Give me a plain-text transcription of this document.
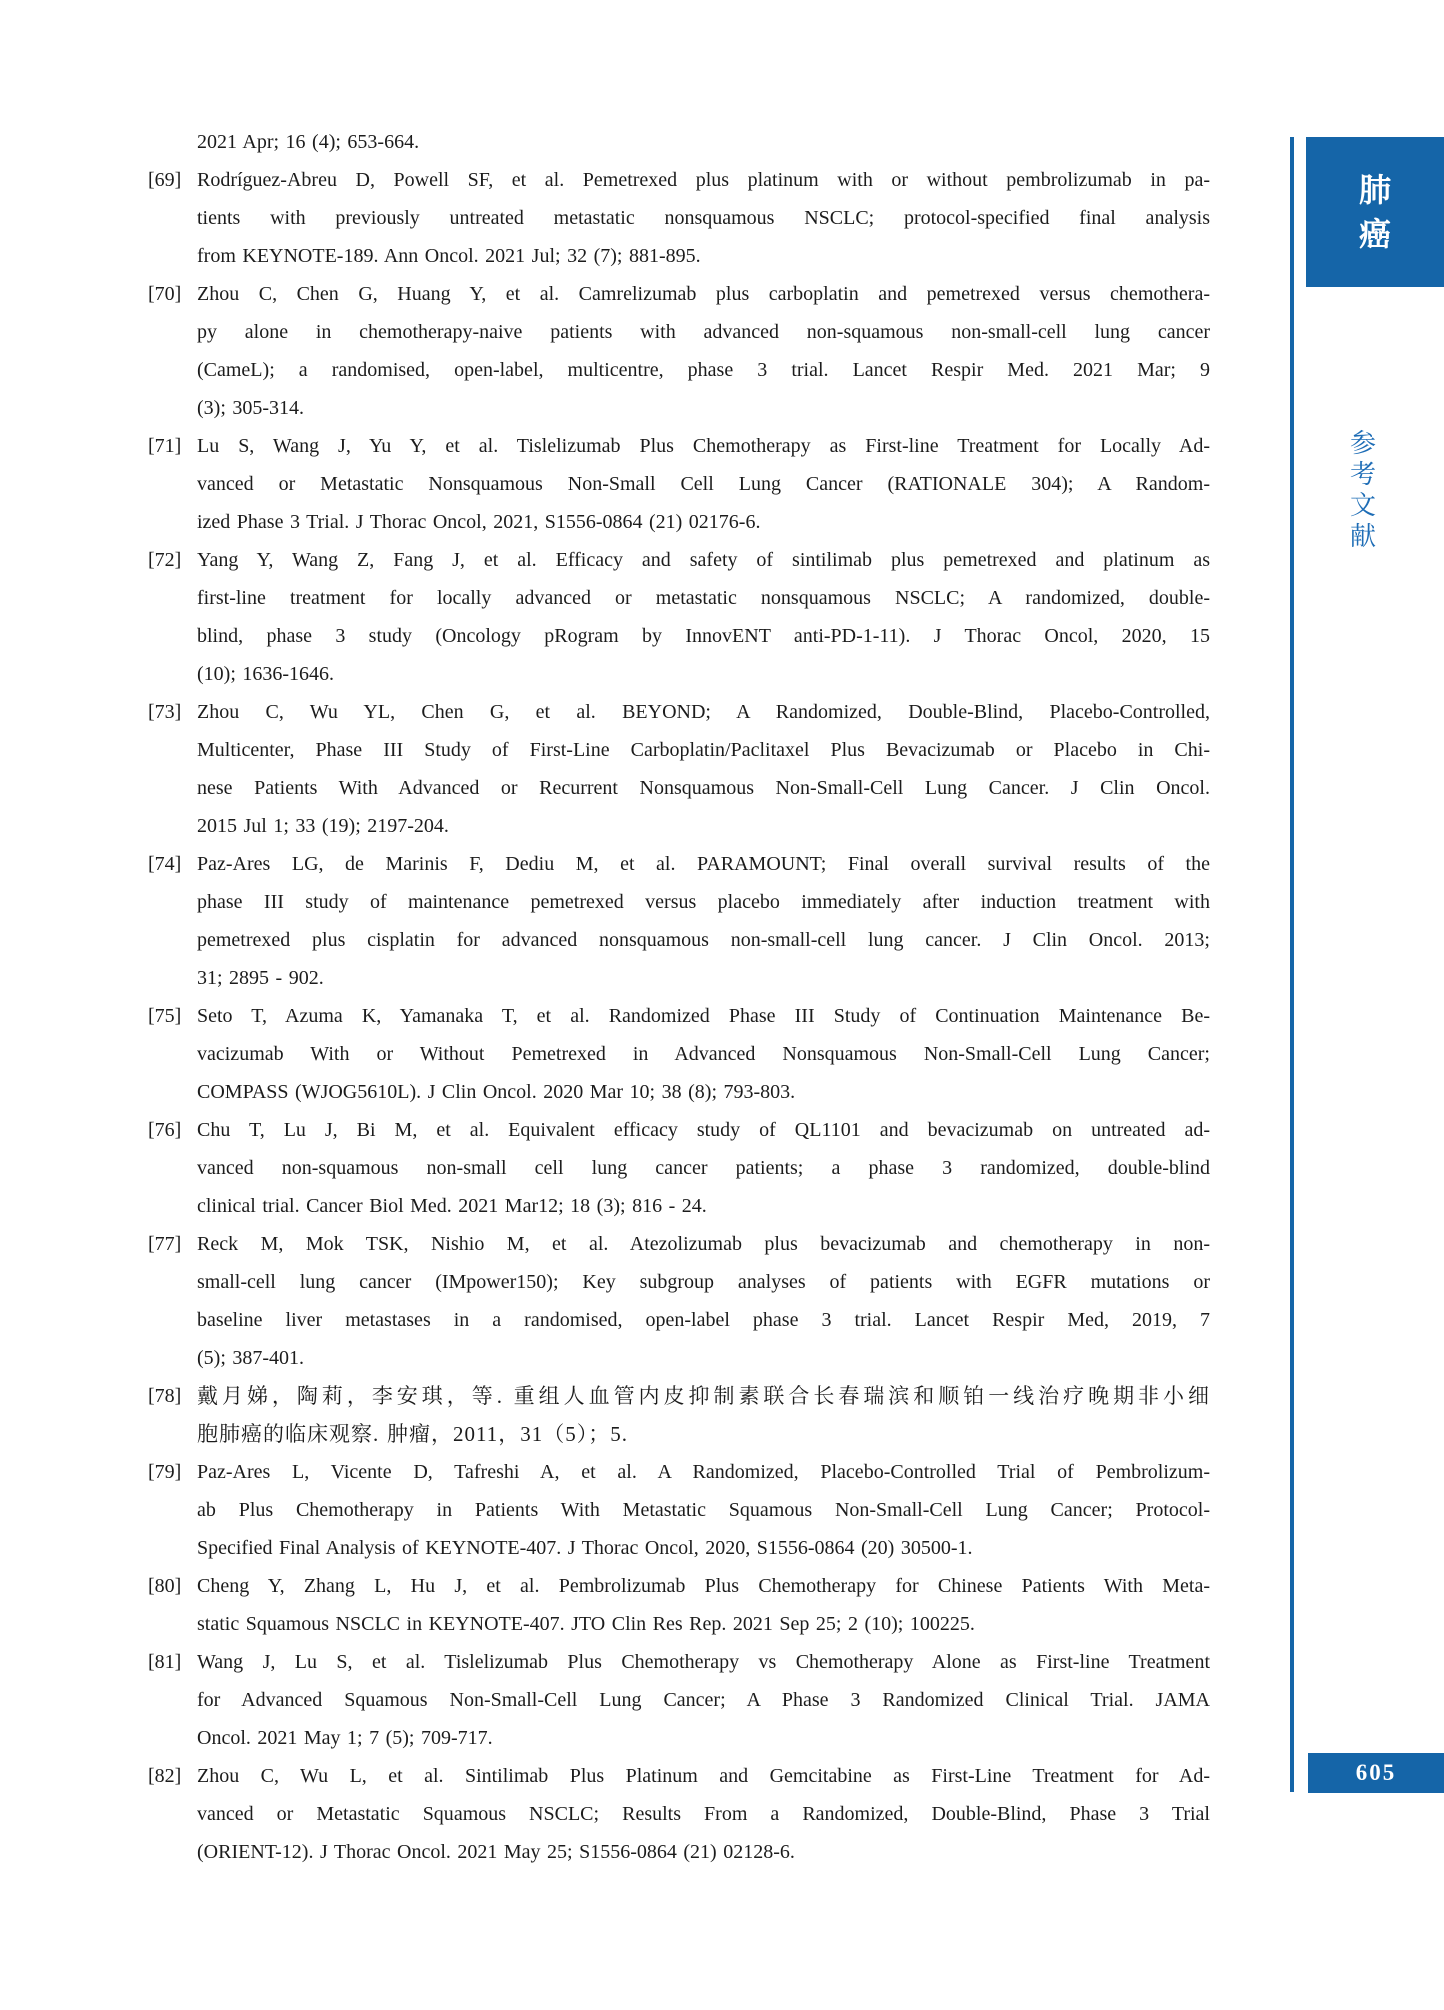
2021 Apr; 16 (4); 653-664.
[69] Rodríguez-Abreu D, Powell SF, et al. Pemetrexed plus platinum with or without pembrolizumab in pa-
tients with previously untreated metastatic nonsquamous NSCLC; protocol-specified final analysis
from KEYNOTE-189. Ann Oncol. 2021 Jul; 32 (7); 881-895.
[70] Zhou C, Chen G, Huang Y, et al. Camrelizumab plus carboplatin and pemetrexed versus chemothera-
py alone in chemotherapy-naive patients with advanced non-squamous non-small-cell lung cancer
(CameL); a randomised, open-label, multicentre, phase 3 trial. Lancet Respir Med. 2021 Mar; 9
(3); 305-314.
[71] Lu S, Wang J, Yu Y, et al. Tislelizumab Plus Chemotherapy as First-line Treatment for Locally Ad-
vanced or Metastatic Nonsquamous Non-Small Cell Lung Cancer (RATIONALE 304); A Random-
ized Phase 3 Trial. J Thorac Oncol, 2021, S1556-0864 (21) 02176-6.
[72] Yang Y, Wang Z, Fang J, et al. Efficacy and safety of sintilimab plus pemetrexed and platinum as
first-line treatment for locally advanced or metastatic nonsquamous NSCLC; A randomized, double-
blind, phase 3 study (Oncology pRogram by InnovENT anti-PD-1-11). J Thorac Oncol, 2020, 15
(10); 1636-1646.
[73] Zhou C, Wu YL, Chen G, et al. BEYOND; A Randomized, Double-Blind, Placebo-Controlled,
Multicenter, Phase III Study of First-Line Carboplatin/Paclitaxel Plus Bevacizumab or Placebo in Chi-
nese Patients With Advanced or Recurrent Nonsquamous Non-Small-Cell Lung Cancer. J Clin Oncol.
2015 Jul 1; 33 (19); 2197-204.
[74] Paz-Ares LG, de Marinis F, Dediu M, et al. PARAMOUNT; Final overall survival results of the
phase III study of maintenance pemetrexed versus placebo immediately after induction treatment with
pemetrexed plus cisplatin for advanced nonsquamous non-small-cell lung cancer. J Clin Oncol. 2013;
31; 2895 - 902.
[75] Seto T, Azuma K, Yamanaka T, et al. Randomized Phase III Study of Continuation Maintenance Be-
vacizumab With or Without Pemetrexed in Advanced Nonsquamous Non-Small-Cell Lung Cancer;
COMPASS (WJOG5610L). J Clin Oncol. 2020 Mar 10; 38 (8); 793-803.
[76] Chu T, Lu J, Bi M, et al. Equivalent efficacy study of QL1101 and bevacizumab on untreated ad-
vanced non-squamous non-small cell lung cancer patients; a phase 3 randomized, double-blind
clinical trial. Cancer Biol Med. 2021 Mar12; 18 (3); 816 - 24.
[77] Reck M, Mok TSK, Nishio M, et al. Atezolizumab plus bevacizumab and chemotherapy in non-
small-cell lung cancer (IMpower150); Key subgroup analyses of patients with EGFR mutations or
baseline liver metastases in a randomised, open-label phase 3 trial. Lancet Respir Med, 2019, 7
(5); 387-401.
[78] 戴月娣，陶莉，李安琪，等. 重组人血管内皮抑制素联合长春瑞滨和顺铂一线治疗晚期非小细
胞肺癌的临床观察. 肿瘤，2011，31（5）；5.
[79] Paz-Ares L, Vicente D, Tafreshi A, et al. A Randomized, Placebo-Controlled Trial of Pembrolizum-
ab Plus Chemotherapy in Patients With Metastatic Squamous Non-Small-Cell Lung Cancer; Protocol-
Specified Final Analysis of KEYNOTE-407. J Thorac Oncol, 2020, S1556-0864 (20) 30500-1.
[80] Cheng Y, Zhang L, Hu J, et al. Pembrolizumab Plus Chemotherapy for Chinese Patients With Meta-
static Squamous NSCLC in KEYNOTE-407. JTO Clin Res Rep. 2021 Sep 25; 2 (10); 100225.
[81] Wang J, Lu S, et al. Tislelizumab Plus Chemotherapy vs Chemotherapy Alone as First-line Treatment
for Advanced Squamous Non-Small-Cell Lung Cancer; A Phase 3 Randomized Clinical Trial. JAMA
Oncol. 2021 May 1; 7 (5); 709-717.
[82] Zhou C, Wu L, et al. Sintilimab Plus Platinum and Gemcitabine as First-Line Treatment for Ad-
vanced or Metastatic Squamous NSCLC; Results From a Randomized, Double-Blind, Phase 3 Trial
(ORIENT-12). J Thorac Oncol. 2021 May 25; S1556-0864 (21) 02128-6.
肺
癌
参
考
文
献
605
